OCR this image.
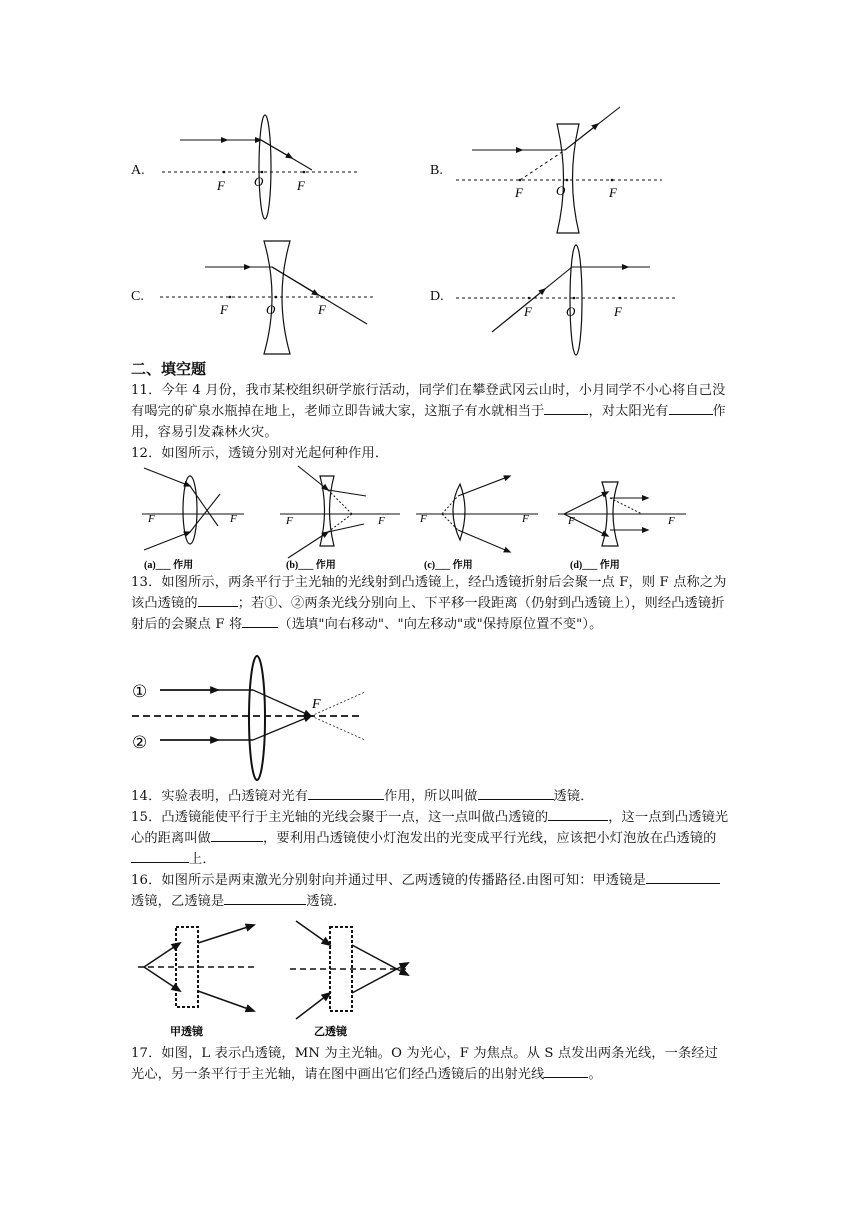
A.
F O	F
B.
F	O	F
C.
F	O	F
D.
F	O	F
二、填空题
11．今年 4 月份，我市某校组织研学旅行活动，同学们在攀登武冈云山时，小月同学不小心将自己没有喝完的矿泉水瓶掉在地上，老师立即告诫大家，这瓶子有水就相当于	，对太阳光有	作用，容易引发森林火灾。
12．如图所示，透镜分别对光起何种作用．
F	F	F	F	F	F	F	F
(a)___ 作用	(b)___ 作用	(c)___ 作用	(d)___ 作用
13．如图所示，两条平行于主光轴的光线射到凸透镜上，经凸透镜折射后会聚一点 F，则 F 点称之为该凸透镜的	；若①、②两条光线分别向上、下平移一段距离（仍射到凸透镜上），则经凸透镜折射后的会聚点 F 将	（选填"向右移动"、"向左移动"或"保持原位置不变"）。
①
②
F
14．实验表明，凸透镜对光有	作用，所以叫做	透镜．
15．凸透镜能使平行于主光轴的光线会聚于一点，这一点叫做凸透镜的	，这一点到凸透镜光心的距离叫做	，要利用凸透镜使小灯泡发出的光变成平行光线，应该把小灯泡放在凸透镜的上．
16．如图所示是两束激光分别射向并通过甲、乙两透镜的传播路径.由图可知：甲透镜是透镜，乙透镜是	透镜．
甲透镜	乙透镜
17．如图，L 表示凸透镜，MN 为主光轴。O 为光心，F 为焦点。从 S 点发出两条光线，一条经过光心，另一条平行于主光轴，请在图中画出它们经凸透镜后的出射光线	。
